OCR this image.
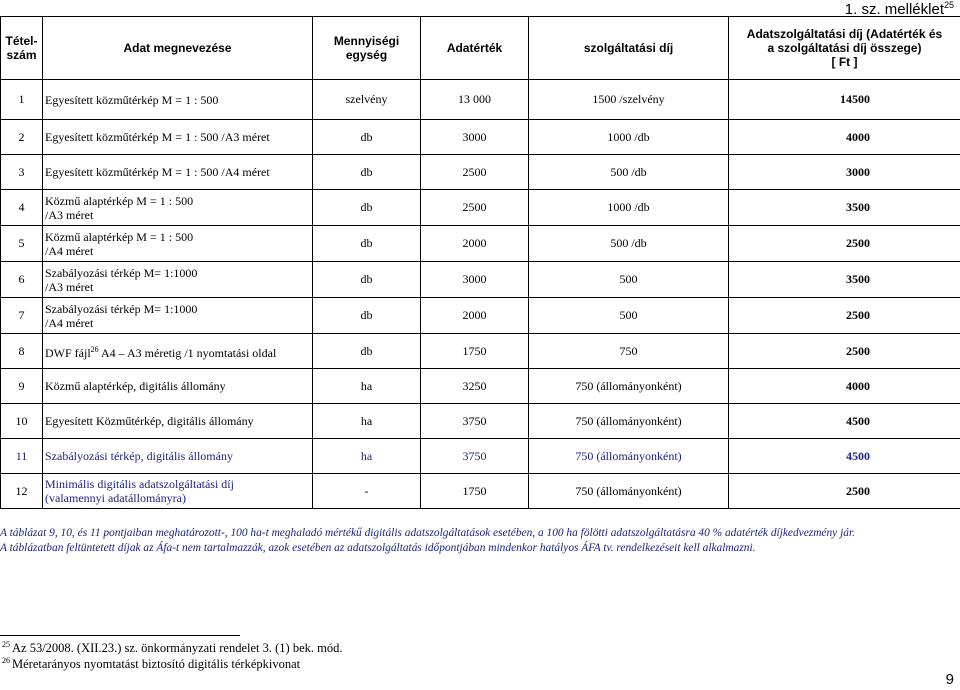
1. sz. melléklet$^{25}$
Tétel-
szám	Adat megnevezése	Mennyiségi
egység	Adatérték	szolgáltatási díj	Adatszolgáltatási díj (Adatérték és
a szolgáltatási díj összege)
[ Ft ]
1	Egyesített közműtérkép M = 1 : 500	szelvény	13 000	1500 /szelvény	14500
2	Egyesített közműtérkép M = 1 : 500 /A3 méret	db	3000	1000 /db	4000
3	Egyesített közműtérkép M = 1 : 500 /A4 méret	db	2500	500 /db	3000
4	Közmű alaptérkép M = 1 : 500
/A3 méret	db	2500	1000 /db	3500
5	Közmű alaptérkép M = 1 : 500
/A4 méret	db	2000	500 /db	2500
6	Szabályozási térkép M= 1:1000
/A3 méret	db	3000	500	3500
7	Szabályozási térkép M= 1:1000
/A4 méret	db	2000	500	2500
8	DWF fájl$^{26}$ A4 – A3 méretig /1 nyomtatási oldal	db	1750	750	2500
9	Közmű alaptérkép, digitális állomány	ha	3250	750 (állományonként)	4000
10	Egyesített Közműtérkép, digitális állomány	ha	3750	750 (állományonként)	4500
11	Szabályozási térkép, digitális állomány	ha	3750	750 (állományonként)	4500
12	Minimális digitális adatszolgáltatási díj
(valamennyi adatállományra)	-	1750	750 (állományonként)	2500
A táblázat 9, 10, és 11 pontjaiban meghatározott-, 100 ha-t meghaladó mértékű digitális adatszolgáltatások esetében, a 100 ha fölötti adatszolgáltatásra 40 % adatérték díjkedvezmény jár.
A táblázatban feltüntetett díjak az Áfa-t nem tartalmazzák, azok esetében az adatszolgáltatás időpontjában mindenkor hatályos ÁFA tv. rendelkezéseit kell alkalmazni.
$^{25}$ Az 53/2008. (XII.23.) sz. önkormányzati rendelet 3. (1) bek. mód.
$^{26}$ Méretarányos nyomtatást biztosító digitális térképkivonat
9
